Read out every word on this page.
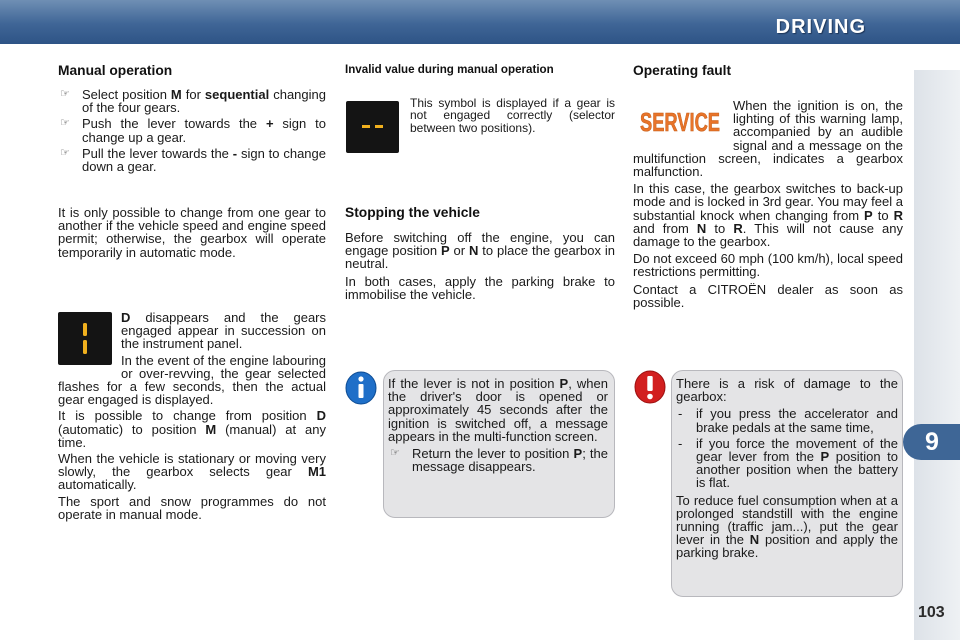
DRIVING
9
103
Manual operation
☞ Select position M for sequential changing of the four gears.
☞ Push the lever towards the + sign to change up a gear.
☞ Pull the lever towards the - sign to change down a gear.

It is only possible to change from one gear to another if the vehicle speed and engine speed permit; otherwise, the gearbox will operate temporarily in automatic mode.

D disappears and the gears engaged appear in succession on the instrument panel.

In the event of the engine labouring or over-revving, the gear selected flashes for a few seconds, then the actual gear engaged is displayed.

It is possible to change from position D (automatic) to position M (manual) at any time.

When the vehicle is stationary or moving very slowly, the gearbox selects gear M1 automatically.

The sport and snow programmes do not operate in manual mode.

Invalid value during manual operation

This symbol is displayed if a gear is not engaged correctly (selector between two positions).

Stopping the vehicle

Before switching off the engine, you can engage position P or N to place the gearbox in neutral.

In both cases, apply the parking brake to immobilise the vehicle.

If the lever is not in position P, when the driver's door is opened or approximately 45 seconds after the ignition is switched off, a message appears in the multi-function screen.

☞ Return the lever to position P; the message disappears.
Operating fault
SERVICE

When the ignition is on, the lighting of this warning lamp, accompanied by an audible signal and a message on the multifunction screen, indicates a gearbox malfunction.

In this case, the gearbox switches to back-up mode and is locked in 3rd gear. You may feel a substantial knock when changing from P to R and from N to R. This will not cause any damage to the gearbox.

Do not exceed 60 mph (100 km/h), local speed restrictions permitting.

Contact a CITROËN dealer as soon as possible.

There is a risk of damage to the gearbox:

- if you press the accelerator and brake pedals at the same time,
- if you force the movement of the gear lever from the P position to another position when the battery is flat.

To reduce fuel consumption when at a prolonged standstill with the engine running (traffic jam...), put the gear lever in the N position and apply the parking brake.
